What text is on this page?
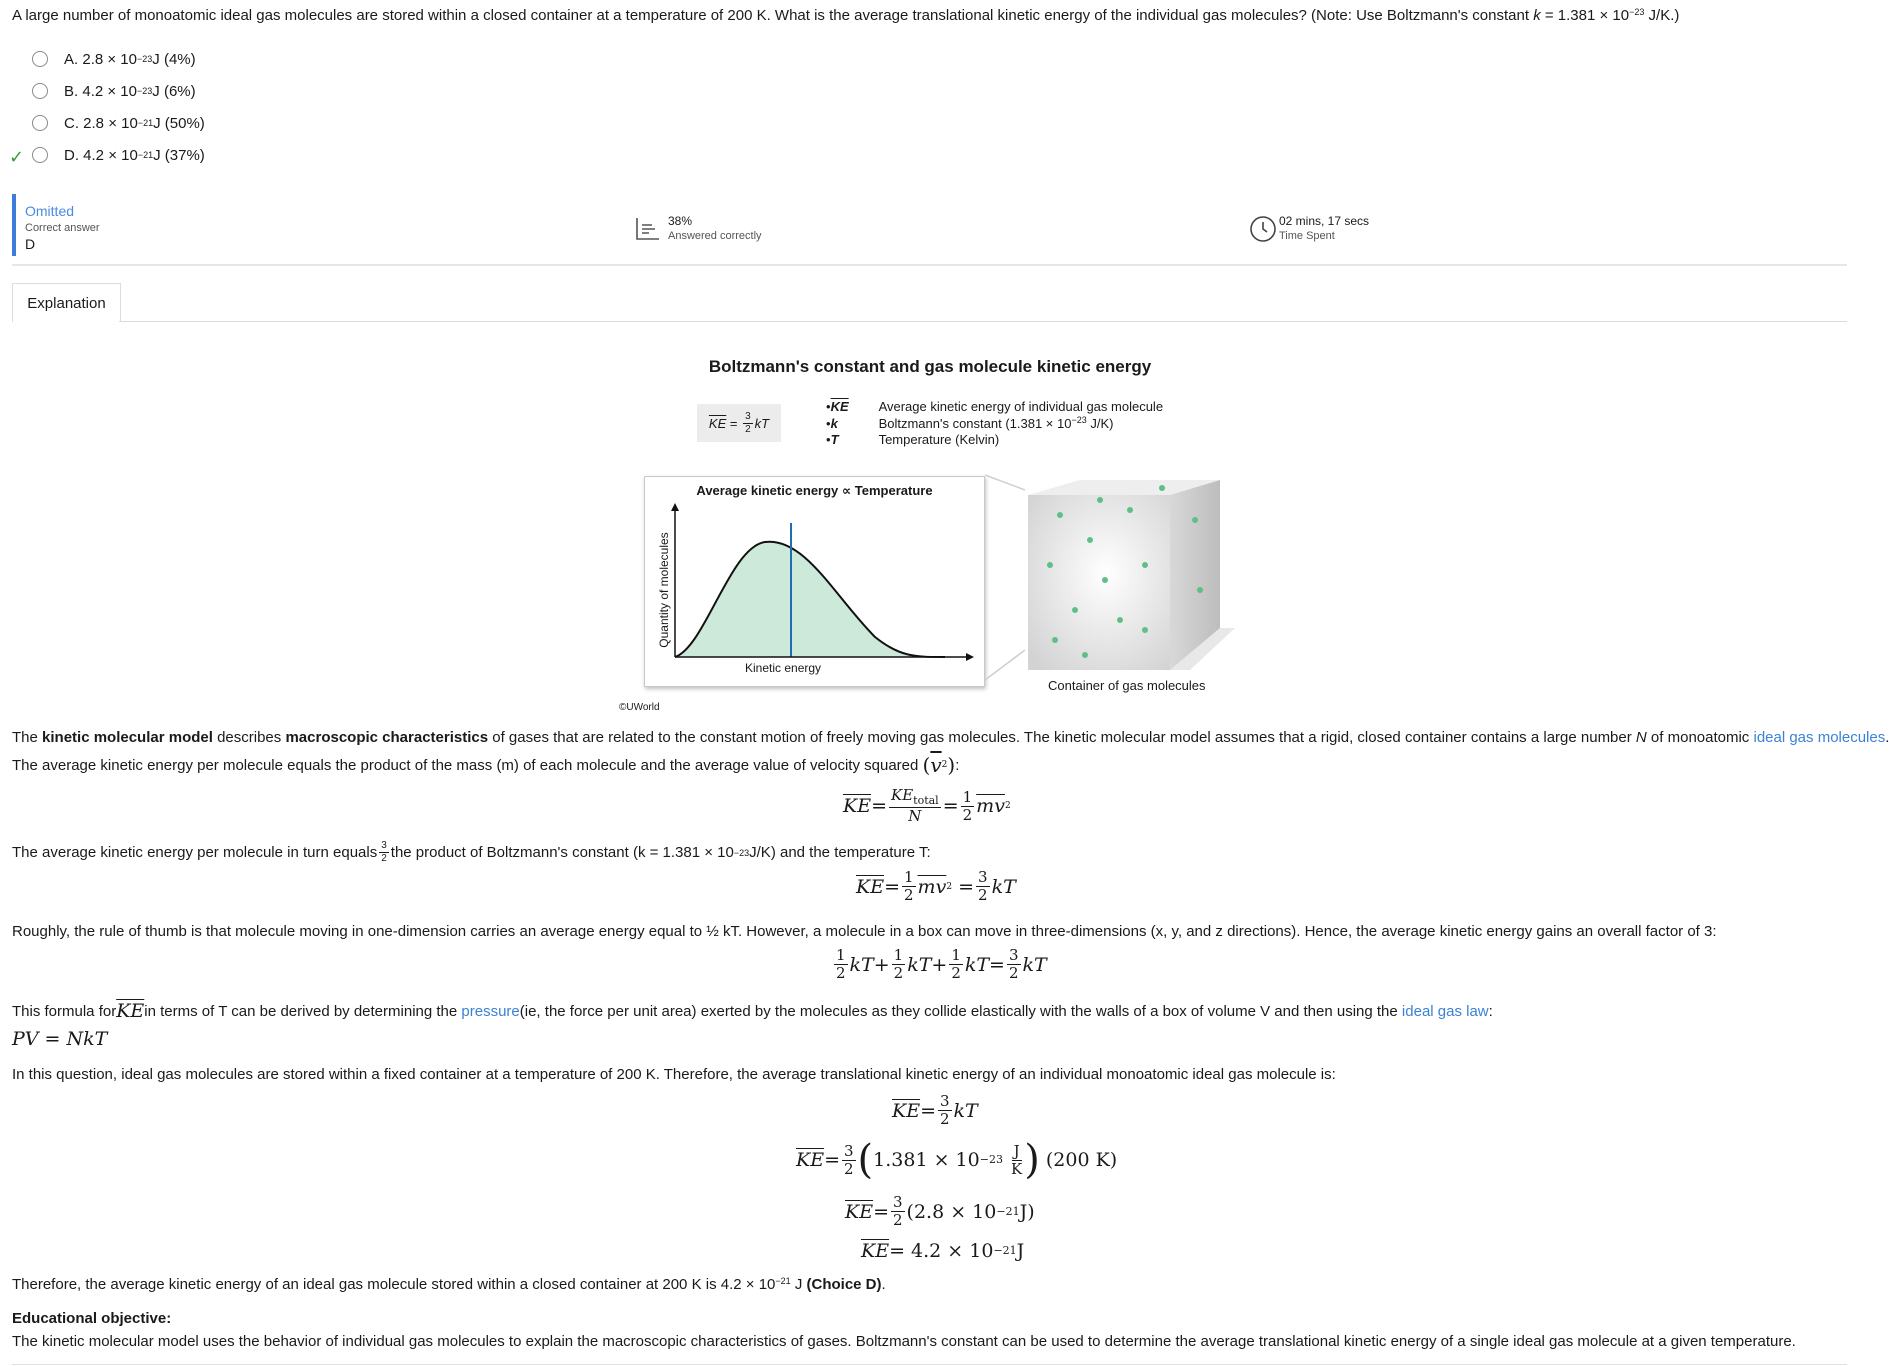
A large number of monoatomic ideal gas molecules are stored within a closed container at a temperature of 200 K. What is the average translational kinetic energy of the individual gas molecules? (Note: Use Boltzmann's constant $k = 1.381 \times 10^{-23}$ J/K.)
A.
2.8 × 10 −23 J (4%)
B.
4.2 × 10 −23 J (6%)
C.
2.8 × 10 −21 J (50%)
D.
4.2 × 10 −21 J (37%)
✓
Omitted
Correct answer
D
38%
Answered correctly
02 mins, 17 secs
Time Spent
Explanation
Boltzmann's constant and gas molecule kinetic energy
$\overline{KE} = \frac{3}{2}$ kT
$•\overline{KE}$ Average kinetic energy of individual gas molecule
•k	Boltzmann's constant ($1.381 \times 10^{-23}$ J/K)
•T	Temperature (Kelvin)
Average kinetic energy ∝ Temperature
Quantity of molecules
Kinetic energy
Container of gas molecules
©UWorld
The kinetic molecular model describes macroscopic characteristics of gases that are related to the constant motion of freely moving gas molecules. The kinetic molecular model assumes that a rigid, closed container contains a large number N of monoatomic ideal gas molecules.
The average kinetic energy per molecule equals the product of the mass (m) of each molecule and the average value of velocity squared
$(\overline{v}^2)$ :
$\overline{KE} = \frac{KE_{total}}{N} = \frac{1}{2} \overline{mv}$ 2
The average kinetic energy per molecule in turn equals $\frac{3}{2}$ the product of Boltzmann's constant (k = 1.381 × 10 −23 J/K) and the temperature T:
$\overline{KE} = \frac{1}{2} \overline{mv}$ 2
= $\frac{3}{2}$ kT
Roughly, the rule of thumb is that molecule moving in one-dimension carries an average energy equal to ½ kT. However, a molecule in a box can move in three-dimensions (x, y, and z directions). Hence, the average kinetic energy gains an overall factor of 3:
$\frac{1}{2}$ kT + $\frac{1}{2}$ kT + $\frac{1}{2}$ kT = $\frac{3}{2}$ kT
This formula for $\overline{KE}$ in terms of T can be derived by determining the
pressure (ie, the force per unit area) exerted by the molecules as they collide elastically with the walls of a box of volume V and then using the
ideal gas law :
PV = NkT
In this question, ideal gas molecules are stored within a fixed container at a temperature of 200 K. Therefore, the average translational kinetic energy of an individual monoatomic ideal gas molecule is:
$\overline{KE} = \frac{3}{2}$ kT
$\overline{KE} = \frac{3}{2}$ ( 1.381 × 10 −23
$\frac{J}{K}$ )
(200 K)
$\overline{KE} = \frac{3}{2} (2.8 \times 10 -21$ J)
$\overline{KE} = 4.2 \times 10 -21$ J
Therefore, the average kinetic energy of an ideal gas molecule stored within a closed container at 200 K is $4.2 \times 10^{-21}$ J (Choice D).
Educational objective:
The kinetic molecular model uses the behavior of individual gas molecules to explain the macroscopic characteristics of gases. Boltzmann's constant can be used to determine the average translational kinetic energy of a single ideal gas molecule at a given temperature.
